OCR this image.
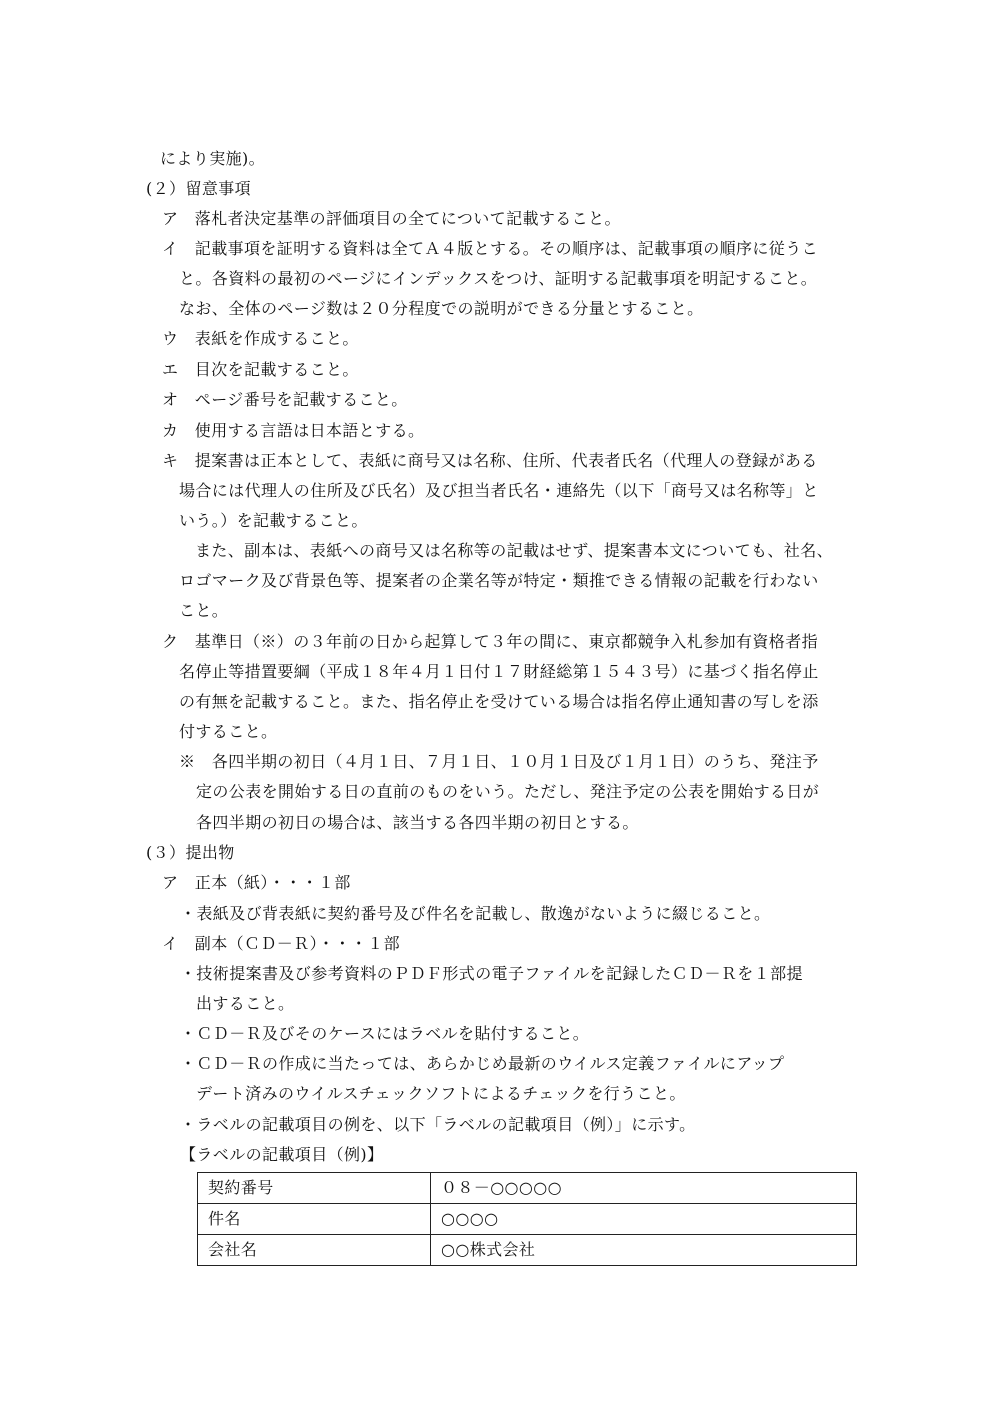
により実施)。
(２）留意事項
ア　落札者決定基準の評価項目の全てについて記載すること。
イ　記載事項を証明する資料は全てＡ４版とする。その順序は、記載事項の順序に従うこ
と。各資料の最初のページにインデックスをつけ、証明する記載事項を明記すること。
なお、全体のページ数は２０分程度での説明ができる分量とすること。
ウ　表紙を作成すること。
エ　目次を記載すること。
オ　ページ番号を記載すること。
カ　使用する言語は日本語とする。
キ　提案書は正本として、表紙に商号又は名称、住所、代表者氏名（代理人の登録がある
場合には代理人の住所及び氏名）及び担当者氏名・連絡先（以下「商号又は名称等」と
いう。）を記載すること。
また、副本は、表紙への商号又は名称等の記載はせず、提案書本文についても、社名、
ロゴマーク及び背景色等、提案者の企業名等が特定・類推できる情報の記載を行わない
こと。
ク　基準日（※）の３年前の日から起算して３年の間に、東京都競争入札参加有資格者指
名停止等措置要綱（平成１８年４月１日付１７財経総第１５４３号）に基づく指名停止
の有無を記載すること。また、指名停止を受けている場合は指名停止通知書の写しを添
付すること。
※　各四半期の初日（４月１日、７月１日、１０月１日及び１月１日）のうち、発注予
定の公表を開始する日の直前のものをいう。ただし、発注予定の公表を開始する日が
各四半期の初日の場合は、該当する各四半期の初日とする。
(３）提出物
ア　正本（紙）・・・１部
・表紙及び背表紙に契約番号及び件名を記載し、散逸がないように綴じること。
イ　副本（ＣＤ－Ｒ）・・・１部
・技術提案書及び参考資料のＰＤＦ形式の電子ファイルを記録したＣＤ－Ｒを１部提
出すること。
・ＣＤ－Ｒ及びそのケースにはラベルを貼付すること。
・ＣＤ－Ｒの作成に当たっては、あらかじめ最新のウイルス定義ファイルにアップ
デート済みのウイルスチェックソフトによるチェックを行うこと。
・ラベルの記載項目の例を、以下「ラベルの記載項目（例）」に示す。
【ラベルの記載項目（例)】
契約番号	０８－○○○○○
件名	○○○○
会社名	○○株式会社
